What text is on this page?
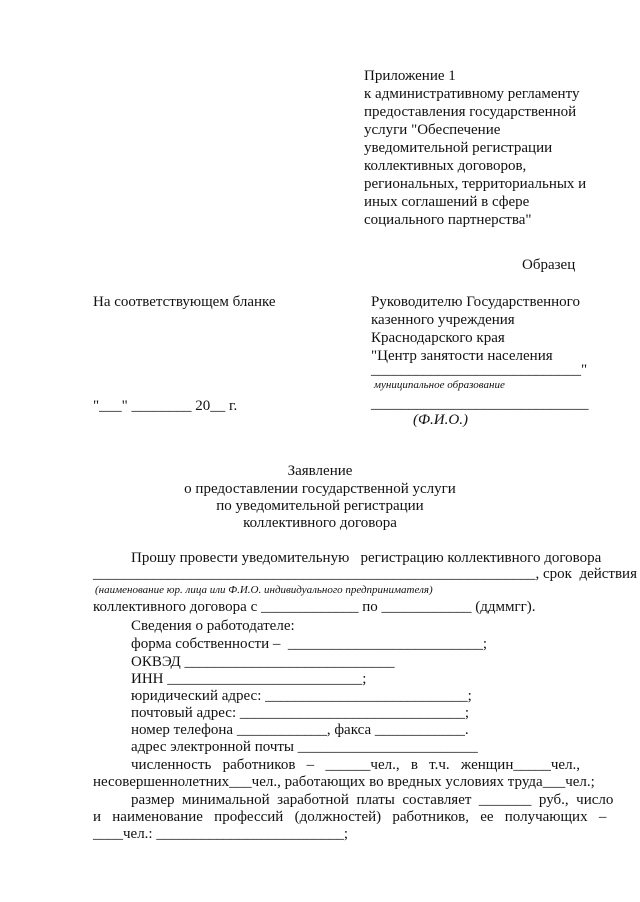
Приложение 1
к административному регламенту
предоставления государственной
услуги "Обеспечение
уведомительной регистрации
коллективных договоров,
региональных, территориальных и
иных соглашений в сфере
социального партнерства"
Образец
На соответствующем бланке	Руководителю Государственного
казенного учреждения
Краснодарского края
"Центр занятости населения
____________________________"
муниципальное образование
_____________________________
(Ф.И.О.)
"___" ________ 20__ г.
Заявление
о предоставлении государственной услуги
по уведомительной регистрации
коллективного договора
Прошу провести уведомительную   регистрацию коллективного договора
___________________________________________________________, срок  действия
(наименование юр. лица или Ф.И.О. индивидуального предпринимателя)
коллективного договора с _____________ по ____________ (ддммгг).
Сведения о работодателе:
форма собственности –  __________________________;
ОКВЭД ____________________________
ИНН __________________________;
юридический адрес: ___________________________;
почтовый адрес: ______________________________;
номер телефона ____________, факса ____________.
адрес электронной почты ________________________
численность   работников   –   ______чел.,   в   т.ч.   женщин_____чел.,
несовершеннолетних___чел., работающих во вредных условиях труда___чел.;
размер  минимальной  заработной  платы  составляет  _______  руб.,  число
и   наименование   профессий   (должностей)   работников,   ее   получающих   –
____чел.: _________________________;
